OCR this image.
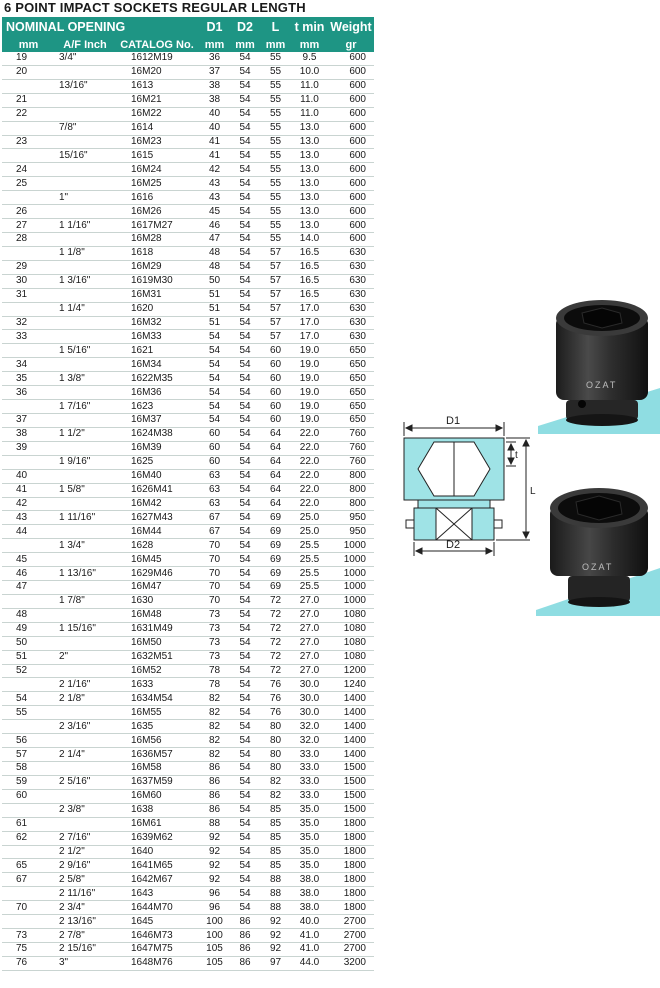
6 POINT IMPACT SOCKETS REGULAR LENGTH
NOMINAL OPENING			D1	D2	L	t min	Weight
mm	A/F Inch	CATALOG No.	mm	mm	mm	mm	gr
19	3/4"	1612M19	36	54	55	9.5	600
20		16M20	37	54	55	10.0	600
	13/16"	1613	38	54	55	11.0	600
21		16M21	38	54	55	11.0	600
22		16M22	40	54	55	11.0	600
	7/8"	1614	40	54	55	13.0	600
23		16M23	41	54	55	13.0	600
	15/16"	1615	41	54	55	13.0	600
24		16M24	42	54	55	13.0	600
25		16M25	43	54	55	13.0	600
	1"	1616	43	54	55	13.0	600
26		16M26	45	54	55	13.0	600
27	1 1/16"	1617M27	46	54	55	13.0	600
28		16M28	47	54	55	14.0	600
	1 1/8"	1618	48	54	57	16.5	630
29		16M29	48	54	57	16.5	630
30	1 3/16"	1619M30	50	54	57	16.5	630
31		16M31	51	54	57	16.5	630
	1 1/4"	1620	51	54	57	17.0	630
32		16M32	51	54	57	17.0	630
33		16M33	54	54	57	17.0	630
	1 5/16"	1621	54	54	60	19.0	650
34		16M34	54	54	60	19.0	650
35	1 3/8"	1622M35	54	54	60	19.0	650
36		16M36	54	54	60	19.0	650
	1 7/16"	1623	54	54	60	19.0	650
37		16M37	54	54	60	19.0	650
38	1 1/2"	1624M38	60	54	64	22.0	760
39		16M39	60	54	64	22.0	760
	1 9/16"	1625	60	54	64	22.0	760
40		16M40	63	54	64	22.0	800
41	1 5/8"	1626M41	63	54	64	22.0	800
42		16M42	63	54	64	22.0	800
43	1 11/16"	1627M43	67	54	69	25.0	950
44		16M44	67	54	69	25.0	950
	1 3/4"	1628	70	54	69	25.5	1000
45		16M45	70	54	69	25.5	1000
46	1 13/16"	1629M46	70	54	69	25.5	1000
47		16M47	70	54	69	25.5	1000
	1 7/8"	1630	70	54	72	27.0	1000
48		16M48	73	54	72	27.0	1080
49	1 15/16"	1631M49	73	54	72	27.0	1080
50		16M50	73	54	72	27.0	1080
51	2"	1632M51	73	54	72	27.0	1080
52		16M52	78	54	72	27.0	1200
	2 1/16"	1633	78	54	76	30.0	1240
54	2 1/8"	1634M54	82	54	76	30.0	1400
55		16M55	82	54	76	30.0	1400
	2 3/16"	1635	82	54	80	32.0	1400
56		16M56	82	54	80	32.0	1400
57	2 1/4"	1636M57	82	54	80	33.0	1400
58		16M58	86	54	80	33.0	1500
59	2 5/16"	1637M59	86	54	82	33.0	1500
60		16M60	86	54	82	33.0	1500
	2 3/8"	1638	86	54	85	35.0	1500
61		16M61	88	54	85	35.0	1800
62	2 7/16"	1639M62	92	54	85	35.0	1800
	2 1/2"	1640	92	54	85	35.0	1800
65	2 9/16"	1641M65	92	54	85	35.0	1800
67	2 5/8"	1642M67	92	54	88	38.0	1800
	2 11/16"	1643	96	54	88	38.0	1800
70	2 3/4"	1644M70	96	54	88	38.0	1800
	2 13/16"	1645	100	86	92	40.0	2700
73	2 7/8"	1646M73	100	86	92	41.0	2700
75	2 15/16"	1647M75	105	86	92	41.0	2700
76	3"	1648M76	105	86	97	44.0	3200
OZAT
D1
D2
t
L
OZAT
